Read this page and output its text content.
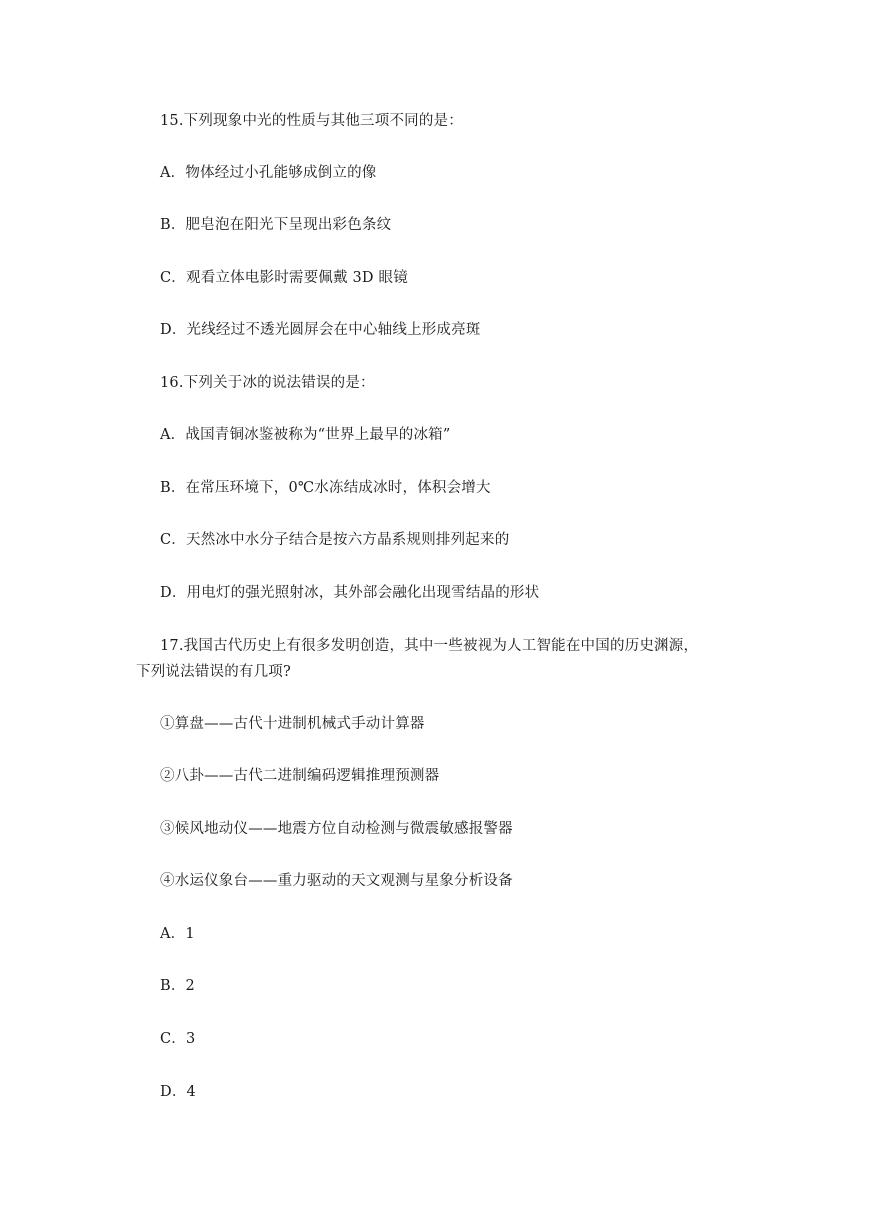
15.下列现象中光的性质与其他三项不同的是：
A．物体经过小孔能够成倒立的像
B．肥皂泡在阳光下呈现出彩色条纹
C．观看立体电影时需要佩戴 3D 眼镜
D．光线经过不透光圆屏会在中心轴线上形成亮斑
16.下列关于冰的说法错误的是：
A．战国青铜冰鉴被称为“世界上最早的冰箱”
B．在常压环境下，0℃水冻结成冰时，体积会增大
C．天然冰中水分子结合是按六方晶系规则排列起来的
D．用电灯的强光照射冰，其外部会融化出现雪结晶的形状
17.我国古代历史上有很多发明创造，其中一些被视为人工智能在中国的历史渊源，下列说法错误的有几项?
①算盘——古代十进制机械式手动计算器
②八卦——古代二进制编码逻辑推理预测器
③候风地动仪——地震方位自动检测与微震敏感报警器
④水运仪象台——重力驱动的天文观测与星象分析设备
A．1
B．2
C．3
D．4
